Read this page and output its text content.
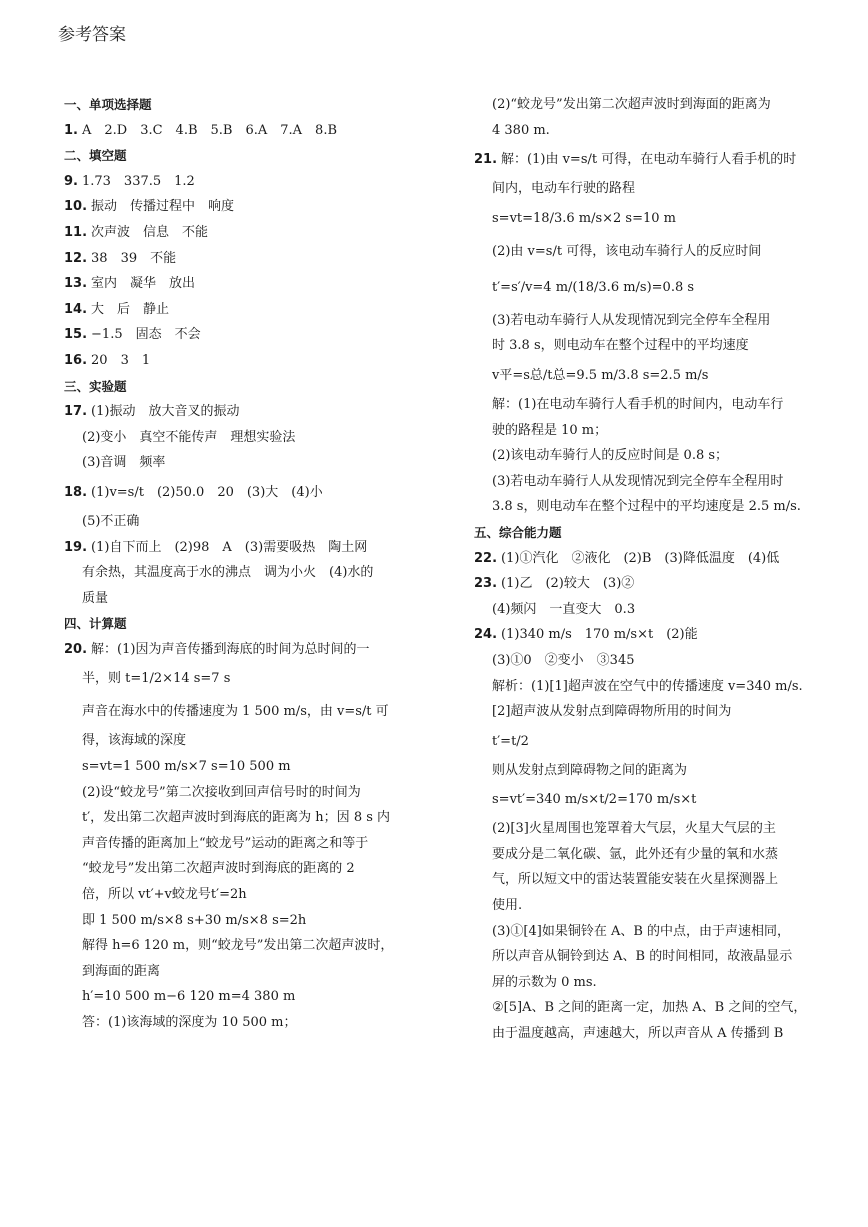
参考答案
一、单项选择题
1. A　2.D　3.C　4.B　5.B　6.A　7.A　8.B
二、填空题
9. 1.73　337.5　1.2
10. 振动　传播过程中　响度
11. 次声波　信息　不能
12. 38　39　不能
13. 室内　凝华　放出
14. 大　后　静止
15. −1.5　固态　不会
16. 20　3　1
三、实验题
17. (1)振动　放大音叉的振动
(2)变小　真空不能传声　理想实验法
(3)音调　频率
18. (1)v=s/t　(2)50.0　20　(3)大　(4)小
(5)不正确
19. (1)自下而上　(2)98　A　(3)需要吸热　陶土网
有余热，其温度高于水的沸点　调为小火　(4)水的
质量
四、计算题
20. 解：(1)因为声音传播到海底的时间为总时间的一
半，则 t=1/2×14 s=7 s
声音在海水中的传播速度为 1 500 m/s，由 v=s/t 可
得，该海域的深度
s=vt=1 500 m/s×7 s=10 500 m
(2)设“蛟龙号”第二次接收到回声信号时的时间为
t′，发出第二次超声波时到海底的距离为 h；因 8 s 内
声音传播的距离加上“蛟龙号”运动的距离之和等于
“蛟龙号”发出第二次超声波时到海底的距离的 2
倍，所以 vt′+v蛟龙号t′=2h
即 1 500 m/s×8 s+30 m/s×8 s=2h
解得 h=6 120 m，则“蛟龙号”发出第二次超声波时，
到海面的距离
h′=10 500 m−6 120 m=4 380 m
答：(1)该海域的深度为 10 500 m；
(2)“蛟龙号”发出第二次超声波时到海面的距离为
4 380 m.
21. 解：(1)由 v=s/t 可得，在电动车骑行人看手机的时
间内，电动车行驶的路程
s=vt=18/3.6 m/s×2 s=10 m
(2)由 v=s/t 可得，该电动车骑行人的反应时间
t′=s′/v=4 m/(18/3.6 m/s)=0.8 s
(3)若电动车骑行人从发现情况到完全停车全程用
时 3.8 s，则电动车在整个过程中的平均速度
v平=s总/t总=9.5 m/3.8 s=2.5 m/s
解：(1)在电动车骑行人看手机的时间内，电动车行
驶的路程是 10 m；
(2)该电动车骑行人的反应时间是 0.8 s；
(3)若电动车骑行人从发现情况到完全停车全程用时
3.8 s，则电动车在整个过程中的平均速度是 2.5 m/s.
五、综合能力题
22. (1)①汽化　②液化　(2)B　(3)降低温度　(4)低
23. (1)乙　(2)较大　(3)②
(4)频闪　一直变大　0.3
24. (1)340 m/s　170 m/s×t　(2)能
(3)①0　②变小　③345
解析：(1)[1]超声波在空气中的传播速度 v=340 m/s.
[2]超声波从发射点到障碍物所用的时间为
t′=t/2
则从发射点到障碍物之间的距离为
s=vt′=340 m/s×t/2=170 m/s×t
(2)[3]火星周围也笼罩着大气层，火星大气层的主
要成分是二氧化碳、氩，此外还有少量的氧和水蒸
气，所以短文中的雷达装置能安装在火星探测器上
使用.
(3)①[4]如果铜铃在 A、B 的中点，由于声速相同，
所以声音从铜铃到达 A、B 的时间相同，故液晶显示
屏的示数为 0 ms.
②[5]A、B 之间的距离一定，加热 A、B 之间的空气，
由于温度越高，声速越大，所以声音从 A 传播到 B
